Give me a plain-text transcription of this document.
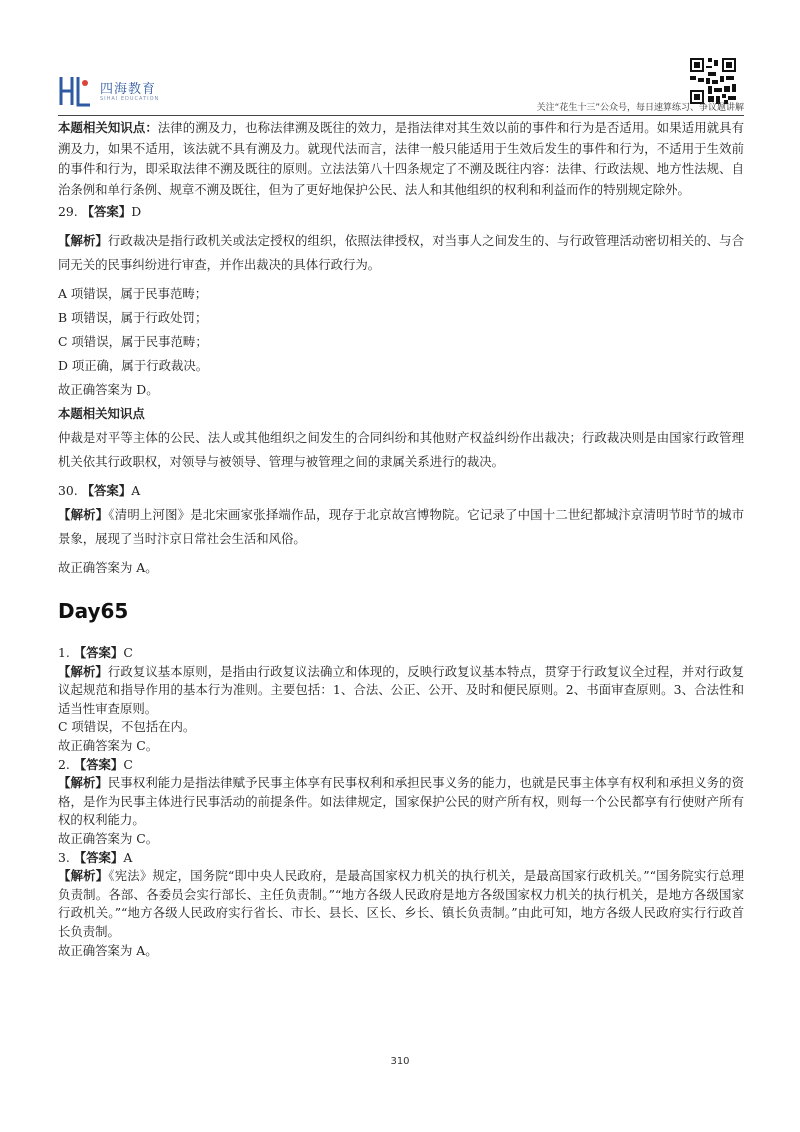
四海教育
SIHAI EDUCATION
关注“花生十三”公众号，每日速算练习、争议题讲解

本题相关知识点：法律的溯及力，也称法律溯及既往的效力，是指法律对其生效以前的事件和行为是否适用。如果适用就具有溯及力，如果不适用，该法就不具有溯及力。就现代法而言，法律一般只能适用于生效后发生的事件和行为，不适用于生效前的事件和行为，即采取法律不溯及既往的原则。立法法第八十四条规定了不溯及既往内容：法律、行政法规、地方性法规、自治条例和单行条例、规章不溯及既往，但为了更好地保护公民、法人和其他组织的权利和利益而作的特别规定除外。

29. 【答案】D

【解析】行政裁决是指行政机关或法定授权的组织，依照法律授权，对当事人之间发生的、与行政管理活动密切相关的、与合同无关的民事纠纷进行审查，并作出裁决的具体行政行为。

A 项错误，属于民事范畴；

B 项错误，属于行政处罚；

C 项错误，属于民事范畴；

D 项正确，属于行政裁决。

故正确答案为 D。

本题相关知识点

仲裁是对平等主体的公民、法人或其他组织之间发生的合同纠纷和其他财产权益纠纷作出裁决；行政裁决则是由国家行政管理机关依其行政职权，对领导与被领导、管理与被管理之间的隶属关系进行的裁决。

30. 【答案】A

【解析】《清明上河图》是北宋画家张择端作品，现存于北京故宫博物院。它记录了中国十二世纪都城汴京清明节时节的城市景象，展现了当时汴京日常社会生活和风俗。

故正确答案为 A。

Day65

1. 【答案】C

【解析】行政复议基本原则，是指由行政复议法确立和体现的，反映行政复议基本特点，贯穿于行政复议全过程，并对行政复议起规范和指导作用的基本行为准则。主要包括：1、合法、公正、公开、及时和便民原则。2、书面审查原则。3、合法性和适当性审查原则。

C 项错误，不包括在内。

故正确答案为 C。

2. 【答案】C

【解析】民事权利能力是指法律赋予民事主体享有民事权利和承担民事义务的能力，也就是民事主体享有权利和承担义务的资格，是作为民事主体进行民事活动的前提条件。如法律规定，国家保护公民的财产所有权，则每一个公民都享有行使财产所有权的权利能力。

故正确答案为 C。

3. 【答案】A

【解析】《宪法》规定，国务院“即中央人民政府，是最高国家权力机关的执行机关，是最高国家行政机关。”“国务院实行总理负责制。各部、各委员会实行部长、主任负责制。”“地方各级人民政府是地方各级国家权力机关的执行机关，是地方各级国家行政机关。”“地方各级人民政府实行省长、市长、县长、区长、乡长、镇长负责制。”由此可知，地方各级人民政府实行行政首长负责制。

故正确答案为 A。

310
